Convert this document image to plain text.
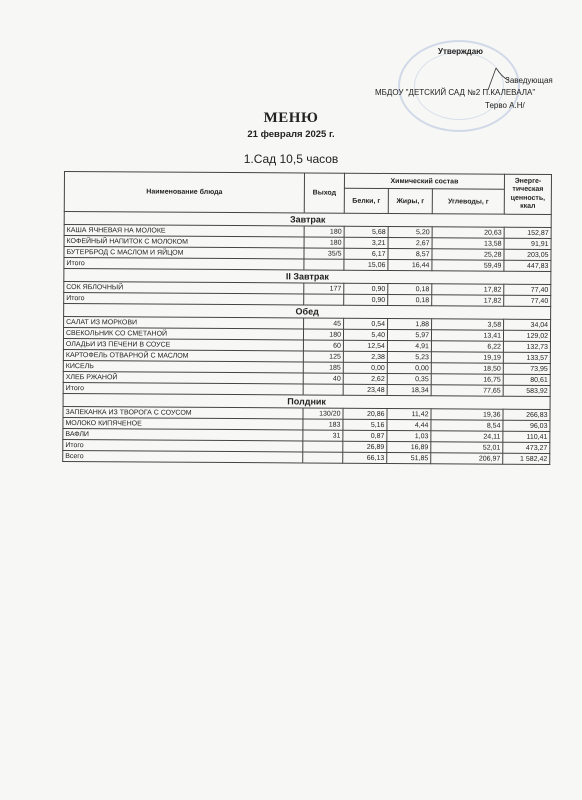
Утверждаю
Заведующая
МБДОУ "ДЕТСКИЙ САД №2 П.КАЛЕВАЛА"
Терво А.Н/
МЕНЮ
21 февраля 2025 г.
1.Сад 10,5 часов
Наименование блюда	Выход	Химический состав			Энерге-тическая ценность, ккал
		Белки, г	Жиры, г	Углеводы, г	
Завтрак					
КАША ЯЧНЕВАЯ НА МОЛОКЕ	180	5,68	5,20	20,63	152,87
КОФЕЙНЫЙ НАПИТОК С МОЛОКОМ	180	3,21	2,67	13,58	91,91
БУТЕРБРОД С МАСЛОМ И ЯЙЦОМ	35/5	6,17	8,57	25,28	203,05
Итого		15,06	16,44	59,49	447,83
II Завтрак					
СОК ЯБЛОЧНЫЙ	177	0,90	0,18	17,82	77,40
Итого		0,90	0,18	17,82	77,40
Обед					
САЛАТ ИЗ МОРКОВИ	45	0,54	1,88	3,58	34,04
СВЕКОЛЬНИК СО СМЕТАНОЙ	180	5,40	5,97	13,41	129,02
ОЛАДЬИ ИЗ ПЕЧЕНИ В СОУСЕ	60	12,54	4,91	6,22	132,73
КАРТОФЕЛЬ ОТВАРНОЙ С МАСЛОМ	125	2,38	5,23	19,19	133,57
КИСЕЛЬ	185	0,00	0,00	18,50	73,95
ХЛЕБ РЖАНОЙ	40	2,62	0,35	16,75	80,61
Итого		23,48	18,34	77,65	583,92
Полдник					
ЗАПЕКАНКА ИЗ ТВОРОГА С СОУСОМ	130/20	20,86	11,42	19,36	266,83
МОЛОКО КИПЯЧЕНОЕ	183	5,16	4,44	8,54	96,03
ВАФЛИ	31	0,87	1,03	24,11	110,41
Итого		26,89	16,89	52,01	473,27
Всего		66,13	51,85	206,97	1 582,42
